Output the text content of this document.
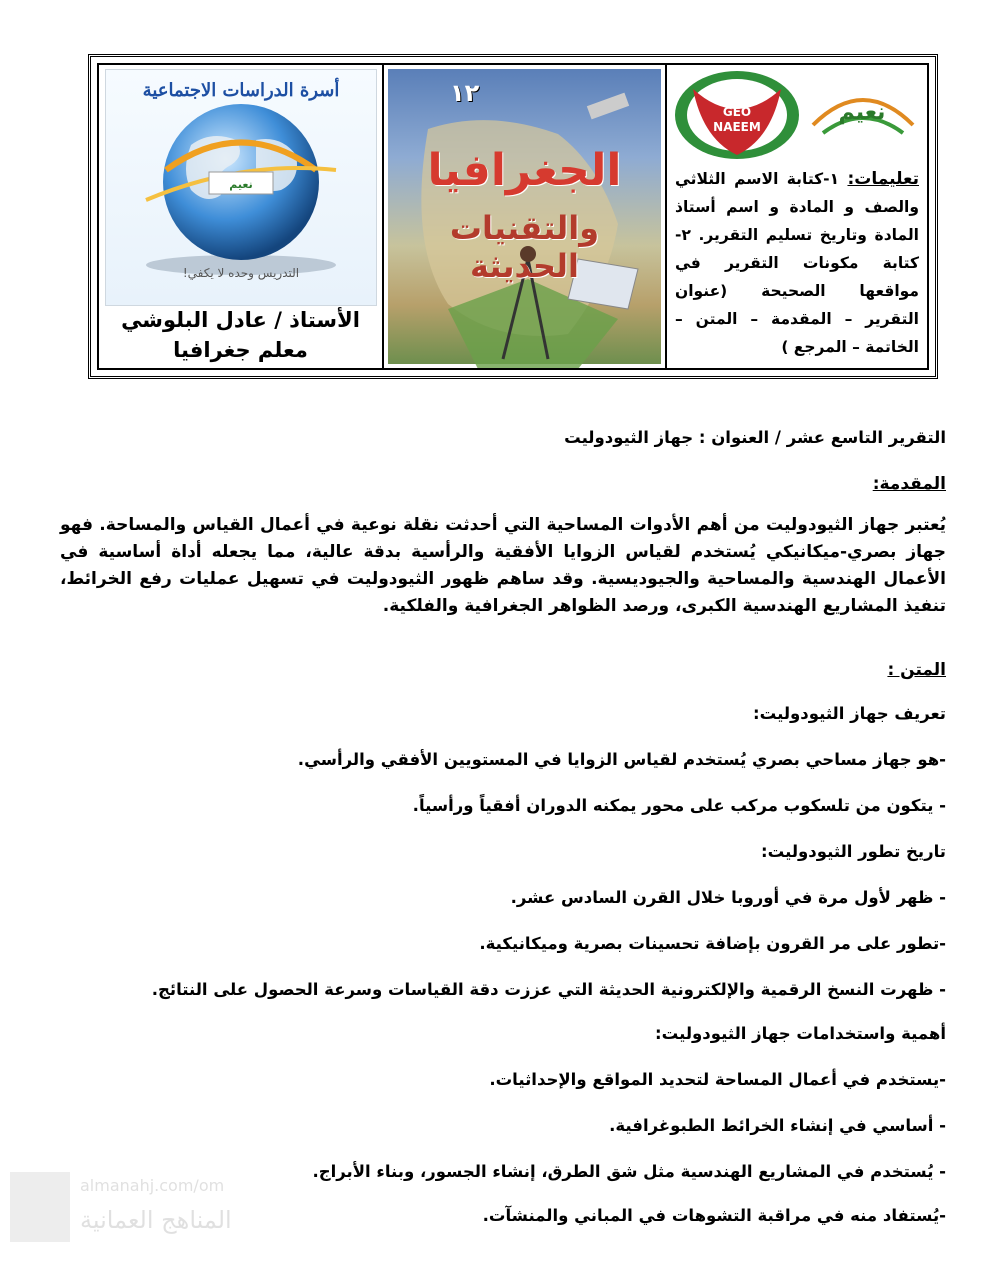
أسرة الدراسات الاجتماعية
نعيم
التدريس وحده لا يكفي!
الأستاذ / عادل البلوشي
معلم جغرافيا
١٢
الجغرافيا
والتقنيات
الحديثة
ADIL
GEO
NAEEM
نعيم
تعليمات: ١-كتابة الاسم الثلاثي والصف و المادة و اسم أستاذ المادة وتاريخ تسليم التقرير. ٢- كتابة مكونات التقرير في مواقعها الصحيحة (عنوان التقرير – المقدمة – المتن – الخاتمة – المرجع )
التقرير التاسع عشر / العنوان : جهاز الثيودوليت
المقدمة:
يُعتبر جهاز الثيودوليت من أهم الأدوات المساحية التي أحدثت نقلة نوعية في أعمال القياس والمساحة. فهو جهاز بصري-ميكانيكي يُستخدم لقياس الزوايا الأفقية والرأسية بدقة عالية، مما يجعله أداة أساسية في الأعمال الهندسية والمساحية والجيوديسية. وقد ساهم ظهور الثيودوليت في تسهيل عمليات رفع الخرائط، تنفيذ المشاريع الهندسية الكبرى، ورصد الظواهر الجغرافية والفلكية.
المتن :
تعريف جهاز الثيودوليت:
-هو جهاز مساحي بصري يُستخدم لقياس الزوايا في المستويين الأفقي والرأسي.
- يتكون من تلسكوب مركب على محور يمكنه الدوران أفقياً ورأسياً.
تاريخ تطور الثيودوليت:
- ظهر لأول مرة في أوروبا خلال القرن السادس عشر.
-تطور على مر القرون بإضافة تحسينات بصرية وميكانيكية.
- ظهرت النسخ الرقمية والإلكترونية الحديثة التي عززت دقة القياسات وسرعة الحصول على النتائج.
أهمية واستخدامات جهاز الثيودوليت:
-يستخدم في أعمال المساحة لتحديد المواقع والإحداثيات.
- أساسي في إنشاء الخرائط الطبوغرافية.
- يُستخدم في المشاريع الهندسية مثل شق الطرق، إنشاء الجسور، وبناء الأبراج.
-يُستفاد منه في مراقبة التشوهات في المباني والمنشآت.
almanahj.com/om
المناهج العمانية
